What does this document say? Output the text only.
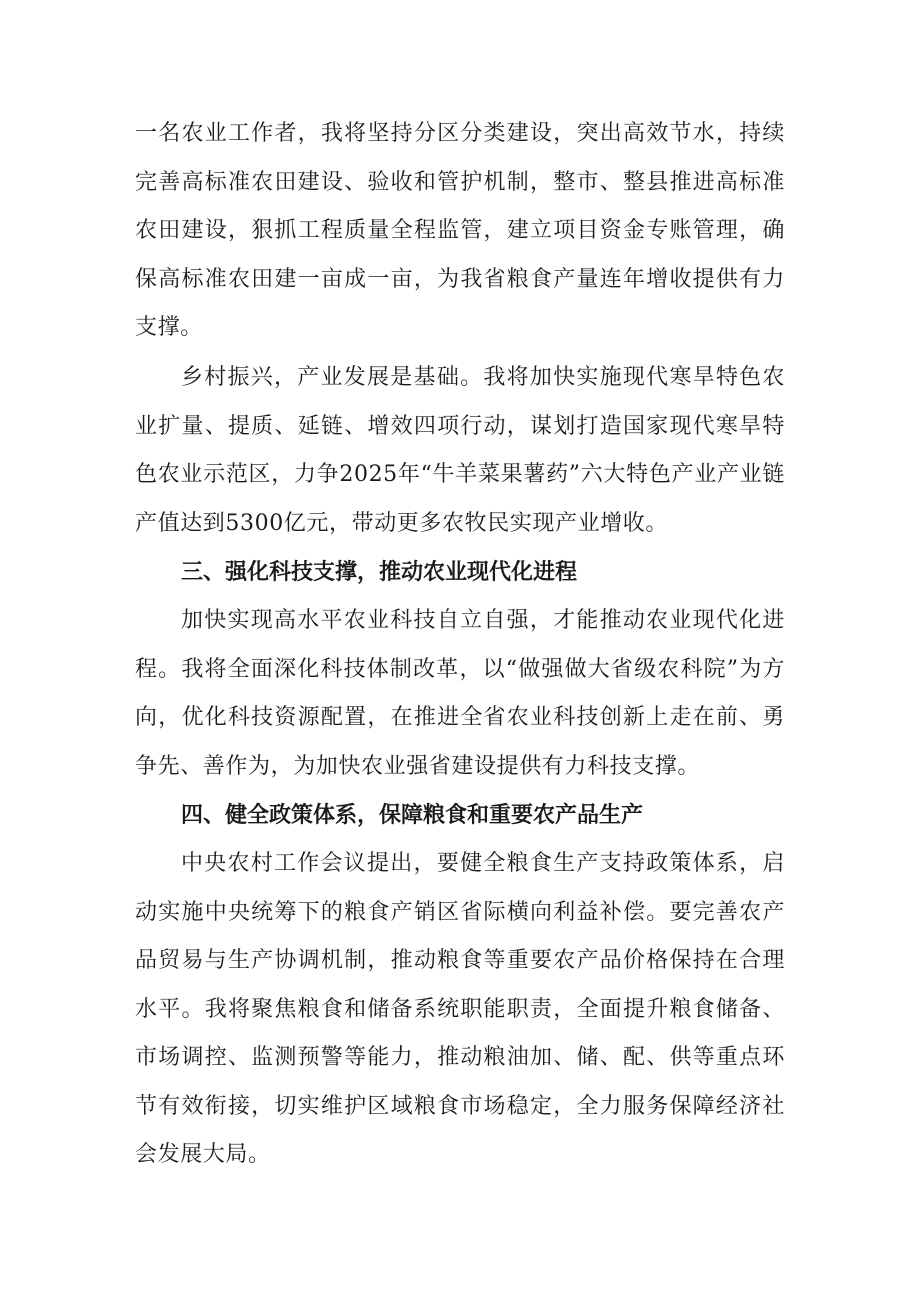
一名农业工作者，我将坚持分区分类建设，突出高效节水，持续完善高标准农田建设、验收和管护机制，整市、整县推进高标准农田建设，狠抓工程质量全程监管，建立项目资金专账管理，确保高标准农田建一亩成一亩，为我省粮食产量连年增收提供有力支撑。

乡村振兴，产业发展是基础。我将加快实施现代寒旱特色农业扩量、提质、延链、增效四项行动，谋划打造国家现代寒旱特色农业示范区，力争2025年“牛羊菜果薯药”六大特色产业产业链产值达到5300亿元，带动更多农牧民实现产业增收。

三、强化科技支撑，推动农业现代化进程

加快实现高水平农业科技自立自强，才能推动农业现代化进程。我将全面深化科技体制改革，以“做强做大省级农科院”为方向，优化科技资源配置，在推进全省农业科技创新上走在前、勇争先、善作为，为加快农业强省建设提供有力科技支撑。

四、健全政策体系，保障粮食和重要农产品生产

中央农村工作会议提出，要健全粮食生产支持政策体系，启动实施中央统筹下的粮食产销区省际横向利益补偿。要完善农产品贸易与生产协调机制，推动粮食等重要农产品价格保持在合理水平。我将聚焦粮食和储备系统职能职责，全面提升粮食储备、市场调控、监测预警等能力，推动粮油加、储、配、供等重点环节有效衔接，切实维护区域粮食市场稳定，全力服务保障经济社会发展大局。
